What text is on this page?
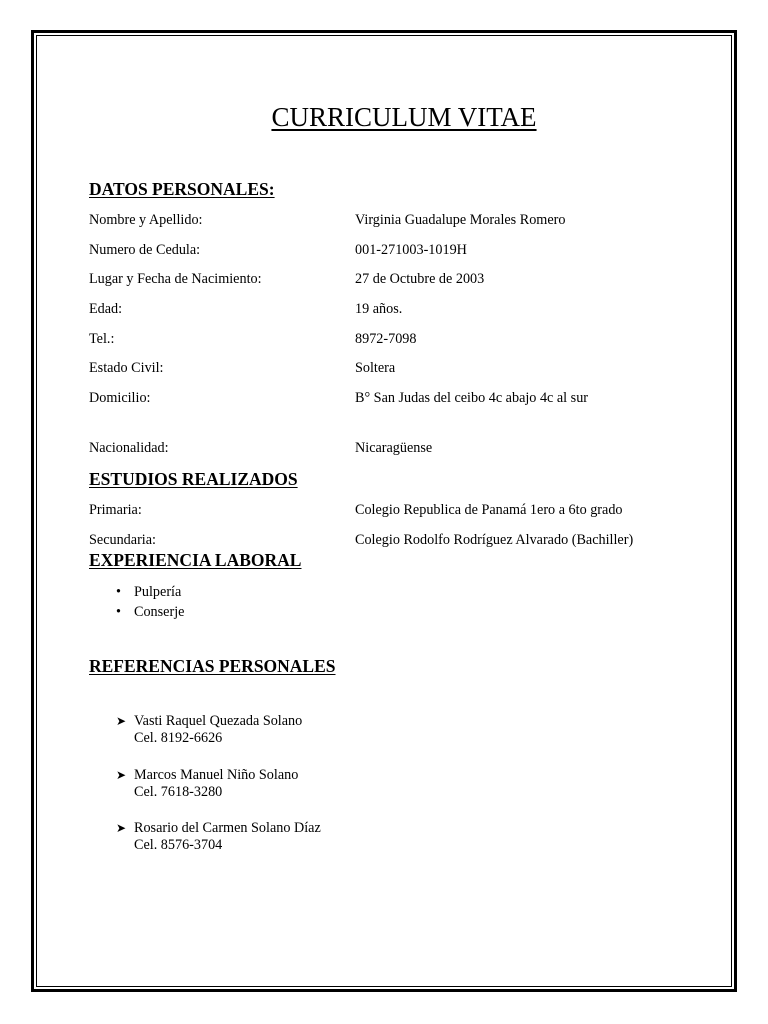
CURRICULUM VITAE
DATOS PERSONALES:
Nombre y Apellido:	Virginia Guadalupe Morales Romero
Numero de Cedula:	001-271003-1019H
Lugar y Fecha de Nacimiento:	27 de Octubre de 2003
Edad:	19 años.
Tel.:	8972-7098
Estado Civil:	Soltera
Domicilio:	B° San Judas del ceibo 4c abajo 4c al sur
Nacionalidad:	Nicaragüense
ESTUDIOS REALIZADOS
Primaria:	Colegio Republica de Panamá 1ero a 6to grado
Secundaria:	Colegio Rodolfo Rodríguez Alvarado (Bachiller)
EXPERIENCIA LABORAL
• Pulpería
• Conserje
REFERENCIAS PERSONALES
➤ Vasti Raquel Quezada Solano
Cel. 8192-6626
➤ Marcos Manuel Niño Solano
Cel. 7618-3280
➤ Rosario del Carmen Solano Díaz
Cel. 8576-3704
